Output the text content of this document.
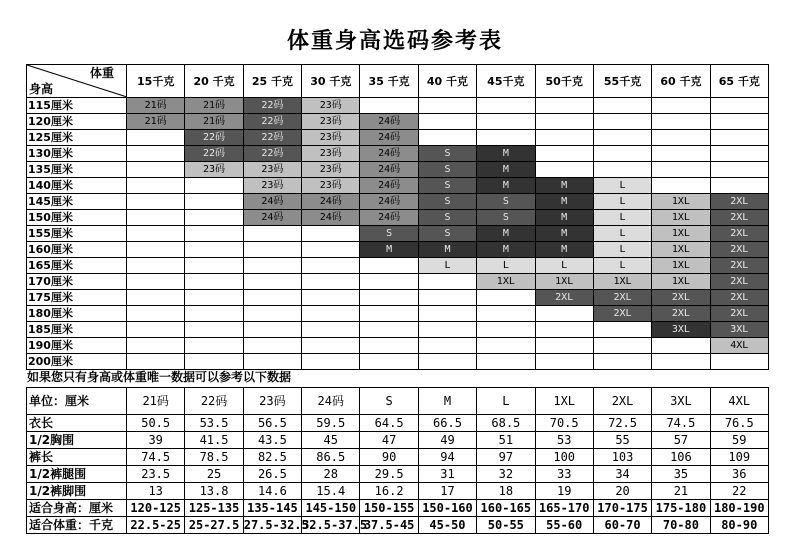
体重身高选码参考表
体重
身高	15千克	20 千克	25 千克	30 千克	35 千克	40 千克	45千克	50千克	55千克	60 千克	65 千克
115厘米	21码	21码	22码	23码							
120厘米	21码	21码	22码	23码	24码						
125厘米		22码	22码	23码	24码						
130厘米		22码	22码	23码	24码	S	M				
135厘米		23码	23码	23码	24码	S	M				
140厘米			23码	23码	24码	S	M	M	L		
145厘米			24码	24码	24码	S	S	M	L	1XL	2XL
150厘米			24码	24码	24码	S	S	M	L	1XL	2XL
155厘米					S	S	M	M	L	1XL	2XL
160厘米					M	M	M	M	L	1XL	2XL
165厘米						L	L	L	L	1XL	2XL
170厘米							1XL	1XL	1XL	1XL	2XL
175厘米								2XL	2XL	2XL	2XL
180厘米									2XL	2XL	2XL
185厘米										3XL	3XL
190厘米											4XL
200厘米											
如果您只有身高或体重唯一数据可以参考以下数据
单位：厘米	21码	22码	23码	24码	S	M	L	1XL	2XL	3XL	4XL
衣长	50.5	53.5	56.5	59.5	64.5	66.5	68.5	70.5	72.5	74.5	76.5
1/2胸围	39	41.5	43.5	45	47	49	51	53	55	57	59
裤长	74.5	78.5	82.5	86.5	90	94	97	100	103	106	109
1/2裤腿围	23.5	25	26.5	28	29.5	31	32	33	34	35	36
1/2裤脚围	13	13.8	14.6	15.4	16.2	17	18	19	20	21	22
适合身高：厘米	120-125	125-135	135-145	145-150	150-155	150-160	160-165	165-170	170-175	175-180	180-190
适合体重：千克	22.5-25	25-27.5	27.5-32.5	32.5-37.5	37.5-45	45-50	50-55	55-60	60-70	70-80	80-90
